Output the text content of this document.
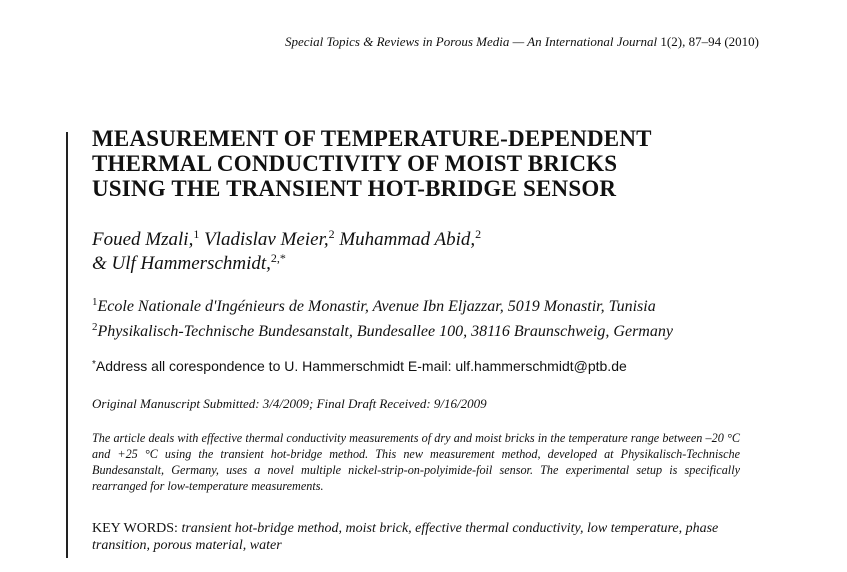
Special Topics & Reviews in Porous Media — An International Journal 1(2), 87–94 (2010)
MEASUREMENT OF TEMPERATURE-DEPENDENT
THERMAL CONDUCTIVITY OF MOIST BRICKS
USING THE TRANSIENT HOT-BRIDGE SENSOR
Foued Mzali,$^1$ Vladislav Meier,$^2$ Muhammad Abid,$^2$
& Ulf Hammerschmidt,$^{2,*}$
$^1$Ecole Nationale d'Ingénieurs de Monastir, Avenue Ibn Eljazzar, 5019 Monastir, Tunisia
$^2$Physikalisch-Technische Bundesanstalt, Bundesallee 100, 38116 Braunschweig, Germany
*Address all corespondence to U. Hammerschmidt E-mail: ulf.hammerschmidt@ptb.de
Original Manuscript Submitted: 3/4/2009; Final Draft Received: 9/16/2009
The article deals with effective thermal conductivity measurements of dry and moist bricks in the temperature range between –20 °C and +25 °C using the transient hot-bridge method. This new measurement method, developed at Physikalisch-Technische Bundesanstalt, Germany, uses a novel multiple nickel-strip-on-polyimide-foil sensor. The experimental setup is specifically rearranged for low-temperature measurements.
KEY WORDS: transient hot-bridge method, moist brick, effective thermal conductivity, low temperature, phase transition, porous material, water
